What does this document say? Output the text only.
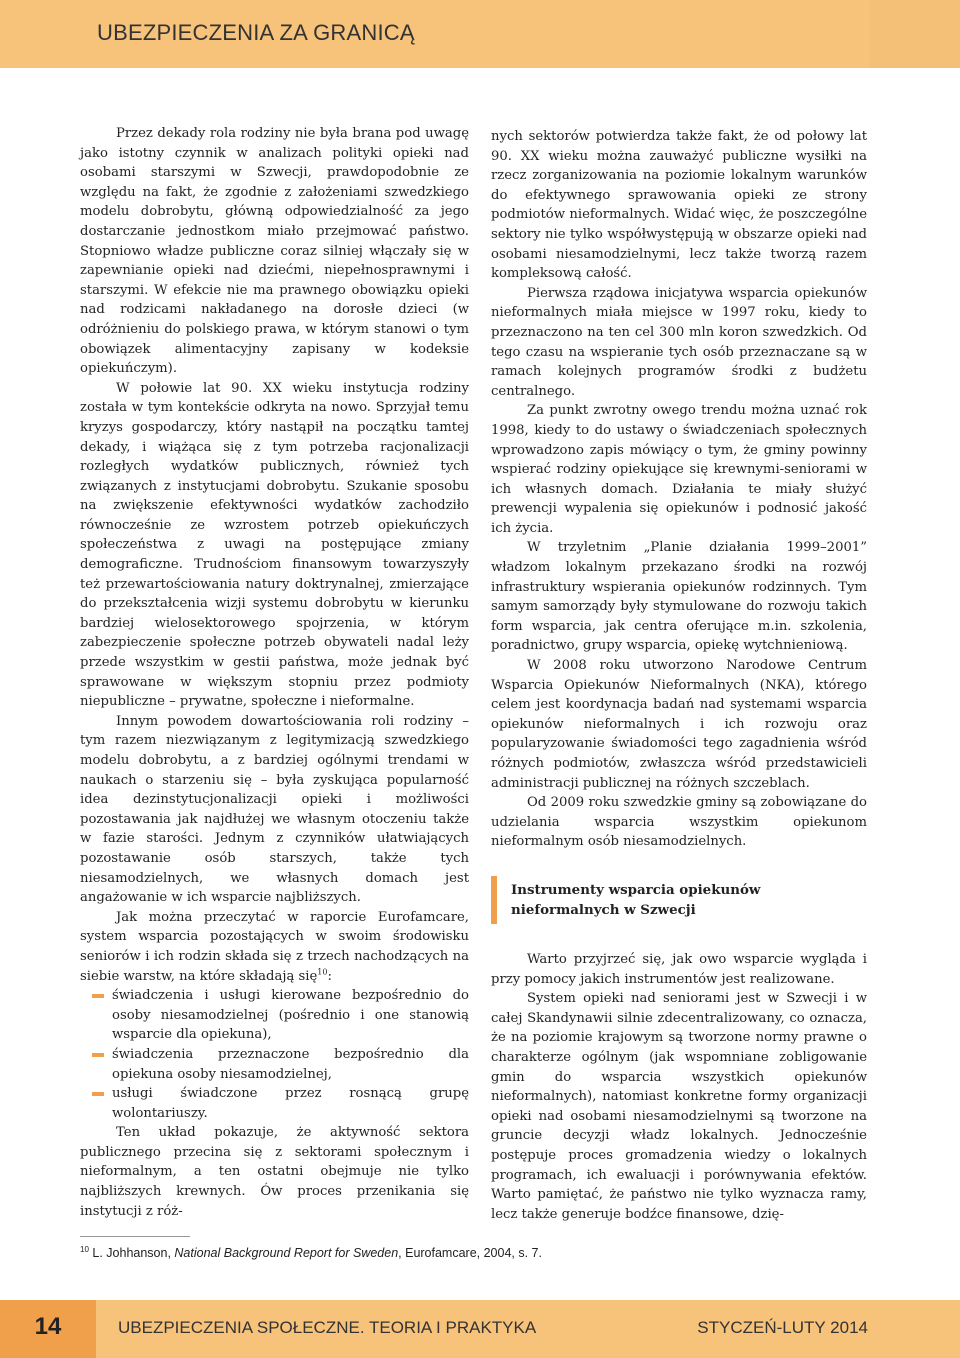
UBEZPIECZENIA ZA GRANICĄ

Przez dekady rola rodziny nie była brana pod uwagę jako istotny czynnik w analizach polityki opieki nad osobami starszymi w Szwecji, prawdopodobnie ze względu na fakt, że zgodnie z założeniami szwedzkiego modelu dobrobytu, główną odpowiedzialność za jego dostarczanie jednostkom miało przejmować państwo. Stopniowo władze publiczne coraz silniej włączały się w zapewnianie opieki nad dziećmi, niepełnosprawnymi i starszymi. W efekcie nie ma prawnego obowiązku opieki nad rodzicami nakładanego na dorosłe dzieci (w odróżnieniu do polskiego prawa, w którym stanowi o tym obowiązek alimentacyjny zapisany w kodeksie opiekuńczym).

W połowie lat 90. XX wieku instytucja rodziny została w tym kontekście odkryta na nowo. Sprzyjał temu kryzys gospodarczy, który nastąpił na początku tamtej dekady, i wiążąca się z tym potrzeba racjonalizacji rozległych wydatków publicznych, również tych związanych z instytucjami dobrobytu. Szukanie sposobu na zwiększenie efektywności wydatków zachodziło równocześnie ze wzrostem potrzeb opiekuńczych społeczeństwa z uwagi na postępujące zmiany demograficzne. Trudnościom finansowym towarzyszyły też przewartościowania natury doktrynalnej, zmierzające do przekształcenia wizji systemu dobrobytu w kierunku bardziej wielosektorowego spojrzenia, w którym zabezpieczenie społeczne potrzeb obywateli nadal leży przede wszystkim w gestii państwa, może jednak być sprawowane w większym stopniu przez podmioty niepubliczne – prywatne, społeczne i nieformalne.

Innym powodem dowartościowania roli rodziny – tym razem niezwiązanym z legitymizacją szwedzkiego modelu dobrobytu, a z bardziej ogólnymi trendami w naukach o starzeniu się – była zyskująca popularność idea dezinstytucjonalizacji opieki i możliwości pozostawania jak najdłużej we własnym otoczeniu także w fazie starości. Jednym z czynników ułatwiających pozostawanie osób starszych, także tych niesamodzielnych, we własnych domach jest angażowanie w ich wsparcie najbliższych.

Jak można przeczytać w raporcie Eurofamcare, system wsparcia pozostających w swoim środowisku seniorów i ich rodzin składa się z trzech nachodzących na siebie warstw, na które składają się$^{10}$:

świadczenia i usługi kierowane bezpośrednio do osoby niesamodzielnej (pośrednio i one stanowią wsparcie dla opiekuna),
świadczenia przeznaczone bezpośrednio dla opiekuna osoby niesamodzielnej,
usługi świadczone przez rosnącą grupę wolontariuszy.

Ten układ pokazuje, że aktywność sektora publicznego przecina się z sektorami społecznym i nieformalnym, a ten ostatni obejmuje nie tylko najbliższych krewnych. Ów proces przenikania się instytucji z róż-

nych sektorów potwierdza także fakt, że od połowy lat 90. XX wieku można zauważyć publiczne wysiłki na rzecz zorganizowania na poziomie lokalnym warunków do efektywnego sprawowania opieki ze strony podmiotów nieformalnych. Widać więc, że poszczególne sektory nie tylko współwystępują w obszarze opieki nad osobami niesamodzielnymi, lecz także tworzą razem kompleksową całość.

Pierwsza rządowa inicjatywa wsparcia opiekunów nieformalnych miała miejsce w 1997 roku, kiedy to przeznaczono na ten cel 300 mln koron szwedzkich. Od tego czasu na wspieranie tych osób przeznaczane są w ramach kolejnych programów środki z budżetu centralnego.

Za punkt zwrotny owego trendu można uznać rok 1998, kiedy to do ustawy o świadczeniach społecznych wprowadzono zapis mówiący o tym, że gminy powinny wspierać rodziny opiekujące się krewnymi-seniorami w ich własnych domach. Działania te miały służyć prewencji wypalenia się opiekunów i podnosić jakość ich życia.

W trzyletnim „Planie działania 1999–2001” władzom lokalnym przekazano środki na rozwój infrastruktury wspierania opiekunów rodzinnych. Tym samym samorządy były stymulowane do rozwoju takich form wsparcia, jak centra oferujące m.in. szkolenia, poradnictwo, grupy wsparcia, opiekę wytchnieniową.

W 2008 roku utworzono Narodowe Centrum Wsparcia Opiekunów Nieformalnych (NKA), którego celem jest koordynacja badań nad systemami wsparcia opiekunów nieformalnych i ich rozwoju oraz popularyzowanie świadomości tego zagadnienia wśród różnych podmiotów, zwłaszcza wśród przedstawicieli administracji publicznej na różnych szczeblach.

Od 2009 roku szwedzkie gminy są zobowiązane do udzielania wsparcia wszystkim opiekunom nieformalnym osób niesamodzielnych.

Instrumenty wsparcia opiekunów nieformalnych w Szwecji

Warto przyjrzeć się, jak owo wsparcie wygląda i przy pomocy jakich instrumentów jest realizowane.

System opieki nad seniorami jest w Szwecji i w całej Skandynawii silnie zdecentralizowany, co oznacza, że na poziomie krajowym są tworzone normy prawne o charakterze ogólnym (jak wspomniane zobligowanie gmin do wsparcia wszystkich opiekunów nieformalnych), natomiast konkretne formy organizacji opieki nad osobami niesamodzielnymi są tworzone na gruncie decyzji władz lokalnych. Jednocześnie postępuje proces gromadzenia wiedzy o lokalnych programach, ich ewaluacji i porównywania efektów. Warto pamiętać, że państwo nie tylko wyznacza ramy, lecz także generuje bodźce finansowe, dzię-

$^{10}$ L. Johhanson, National Background Report for Sweden, Eurofamcare, 2004, s. 7.
14	UBEZPIECZENIA SPOŁECZNE. TEORIA I PRAKTYKA	STYCZEŃ-LUTY 2014
